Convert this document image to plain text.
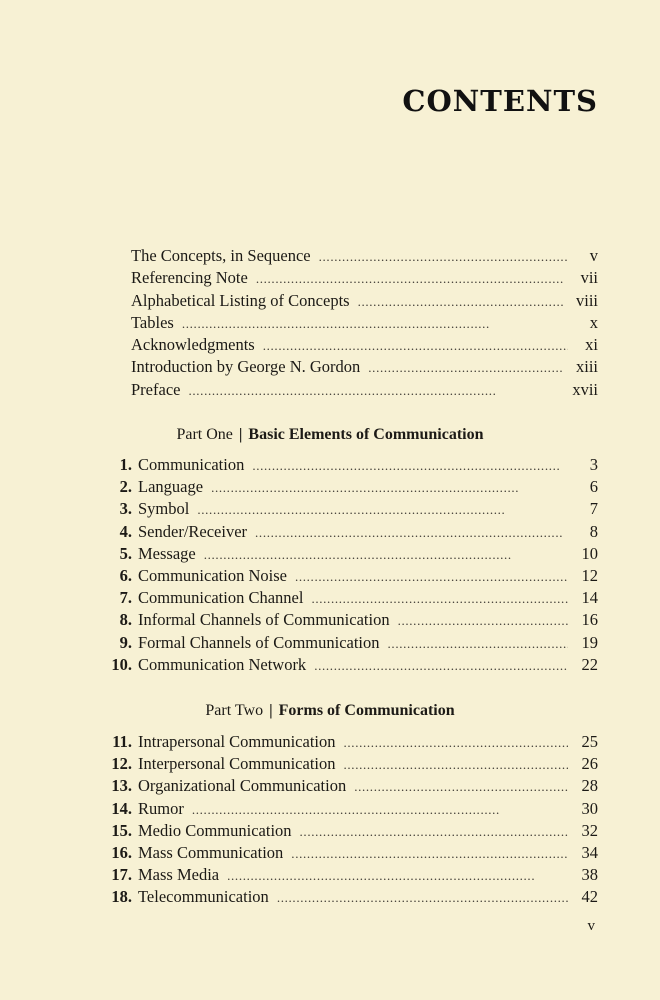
CONTENTS
The Concepts, in Sequence . . .	v
Referencing Note . . .	vii
Alphabetical Listing of Concepts . . .	viii
Tables . . .	x
Acknowledgments . . .	xi
Introduction by George N. Gordon . . .	xiii
Preface . . .	xvii
Part One | Basic Elements of Communication
1. Communication . . .	3
2. Language . . .	6
3. Symbol . . .	7
4. Sender/Receiver . . .	8
5. Message . . .	10
6. Communication Noise . . .	12
7. Communication Channel . . .	14
8. Informal Channels of Communication . . .	16
9. Formal Channels of Communication . . .	19
10. Communication Network . . .	22
Part Two | Forms of Communication
11. Intrapersonal Communication . . .	25
12. Interpersonal Communication . . .	26
13. Organizational Communication . . .	28
14. Rumor . . .	30
15. Medio Communication . . .	32
16. Mass Communication . . .	34
17. Mass Media . . .	38
18. Telecommunication . . .	42
v
